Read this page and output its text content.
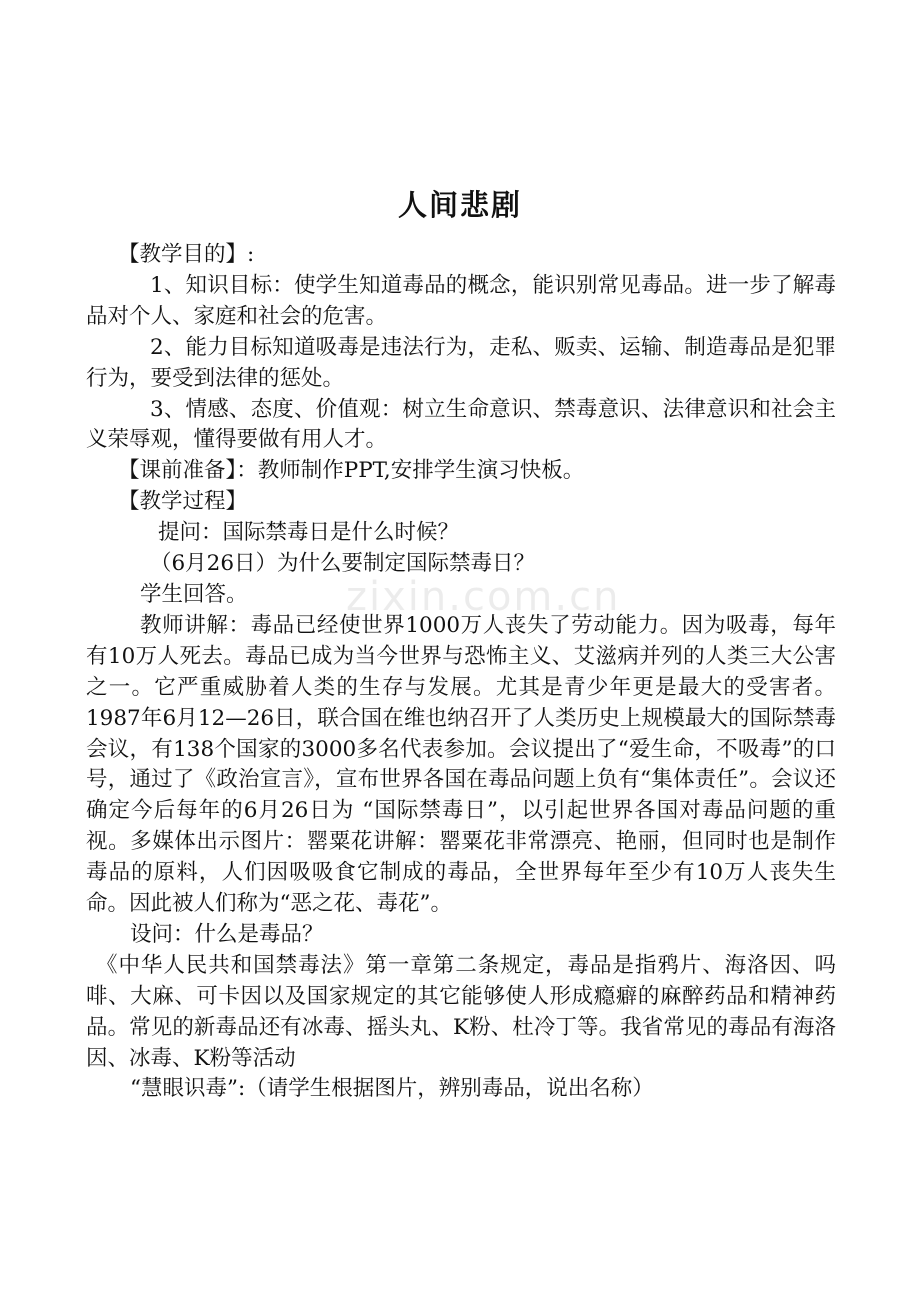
zixin.com.cn
人间悲剧

【教学目的】:

1、知识目标：使学生知道毒品的概念，能识别常见毒品。进一步了解毒品对个人、家庭和社会的危害。

2、能力目标知道吸毒是违法行为，走私、贩卖、运输、制造毒品是犯罪行为，要受到法律的惩处。

3、情感、态度、价值观：树立生命意识、禁毒意识、法律意识和社会主义荣辱观，懂得要做有用人才。

【课前准备】：教师制作PPT,安排学生演习快板。

【教学过程】

提问：国际禁毒日是什么时候？

（6月26日）为什么要制定国际禁毒日？

学生回答。

教师讲解：毒品已经使世界1000万人丧失了劳动能力。因为吸毒，每年有10万人死去。毒品已成为当今世界与恐怖主义、艾滋病并列的人类三大公害之一。它严重威胁着人类的生存与发展。尤其是青少年更是最大的受害者。1987年6月12—26日，联合国在维也纳召开了人类历史上规模最大的国际禁毒会议，有138个国家的3000多名代表参加。会议提出了“爱生命，不吸毒”的口号，通过了《政治宣言》，宣布世界各国在毒品问题上负有“集体责任”。会议还确定今后每年的6月26日为 “国际禁毒日”，以引起世界各国对毒品问题的重视。多媒体出示图片：罂粟花讲解：罂粟花非常漂亮、艳丽，但同时也是制作毒品的原料，人们因吸吸食它制成的毒品，全世界每年至少有10万人丧失生命。因此被人们称为“恶之花、毒花”。

设问：什么是毒品？

《中华人民共和国禁毒法》第一章第二条规定，毒品是指鸦片、海洛因、吗啡、大麻、可卡因以及国家规定的其它能够使人形成瘾癖的麻醉药品和精神药品。常见的新毒品还有冰毒、摇头丸、K粉、杜冷丁等。我省常见的毒品有海洛因、冰毒、K粉等活动

“慧眼识毒”:（请学生根据图片，辨别毒品，说出名称）
